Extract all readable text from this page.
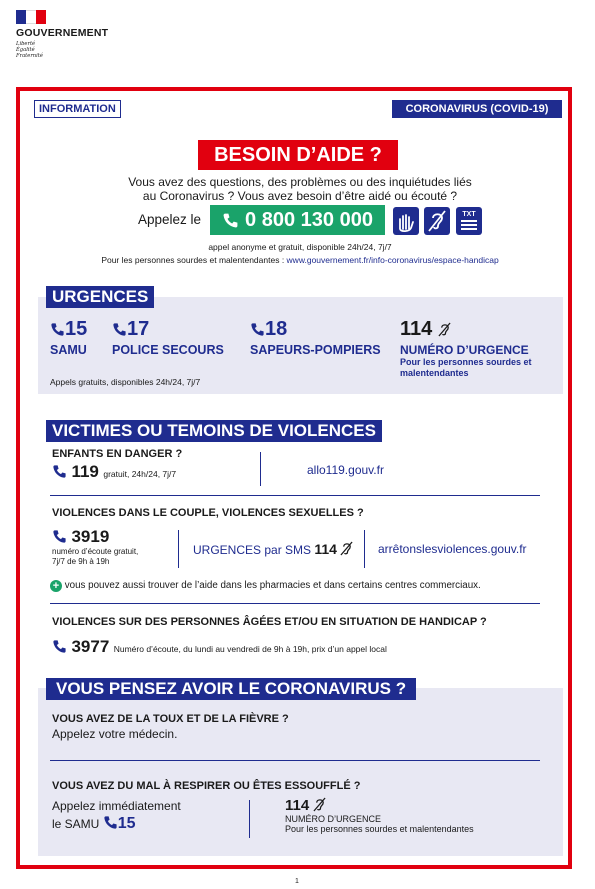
GOUVERNEMENT
Liberté
Égalité
Fraternité
INFORMATION	CORONAVIRUS (COVID-19)
BESOIN D’AIDE ?
Vous avez des questions, des problèmes ou des inquiétudes liés
au Coronavirus ? Vous avez besoin d’être aidé ou écouté ?
Appelez le 0 800 130 000	TXT
appel anonyme et gratuit, disponible 24h/24, 7j/7
Pour les personnes sourdes et malentendantes : www.gouvernement.fr/info-coronavirus/espace-handicap
URGENCES
15
SAMU
17
POLICE SECOURS
18
SAPEURS-POMPIERS
114
NUMÉRO D’URGENCE
Pour les personnes sourdes et
malentendantes
Appels gratuits, disponibles 24h/24, 7j/7
VICTIMES OU TEMOINS DE VIOLENCES
ENFANTS EN DANGER ?
119 gratuit, 24h/24, 7j/7	allo119.gouv.fr
VIOLENCES DANS LE COUPLE, VIOLENCES SEXUELLES ?
3919
numéro d’écoute gratuit,
7j/7 de 9h à 19h
URGENCES par SMS 114	arrêtonslesviolences.gouv.fr
+ vous pouvez aussi trouver de l’aide dans les pharmacies et dans certains centres commerciaux.
VIOLENCES SUR DES PERSONNES ÂGÉES ET/OU EN SITUATION DE HANDICAP ?
3977 Numéro d’écoute, du lundi au vendredi de 9h à 19h, prix d’un appel local
VOUS PENSEZ AVOIR LE CORONAVIRUS ?
VOUS AVEZ DE LA TOUX ET DE LA FIÈVRE ?
Appelez votre médecin.
VOUS AVEZ DU MAL À RESPIRER OU ÊTES ESSOUFFLÉ ?
Appelez immédiatement
le SAMU 15
114
NUMÉRO D’URGENCE
Pour les personnes sourdes et malentendantes
1
